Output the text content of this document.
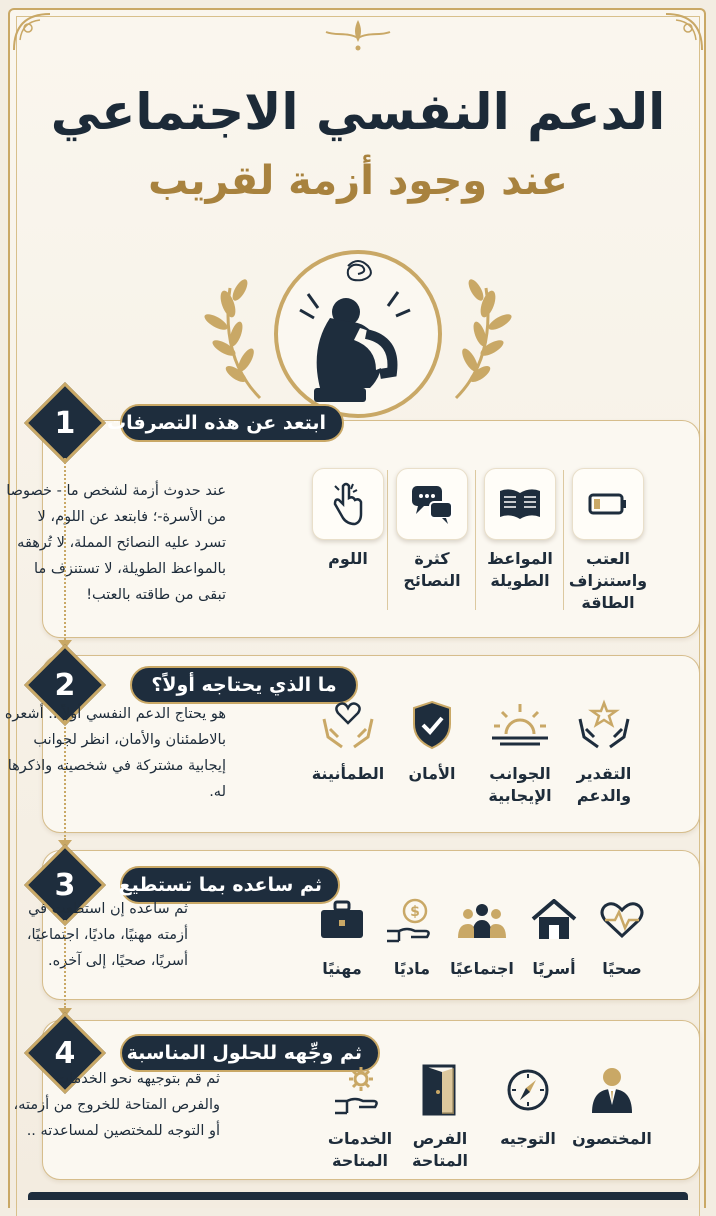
الدعم النفسي الاجتماعي
عند وجود أزمة لقريب
1 ابتعد عن هذه التصرفات
عند حدوث أزمة لشخص ما - خصوصا من الأسرة-؛ فابتعد عن اللوم، لا تسرد عليه النصائح المملة، لا تُرهقه بالمواعظ الطويلة، لا تستنزف ما تبقى من طاقته بالعتب!
العتب
واستنزاف
الطاقة
المواعظ
الطويلة
كثرة
النصائح
اللوم
2	ما الذي يحتاجه أولاً؟
هو يحتاج الدعم النفسي أولاً .. أشعره بالاطمئنان والأمان، انظر لجوانب إيجابية مشتركة في شخصيته واذكرها له.
التقدير
والدعم
الجوانب
الإيجابية
الأمان
الطمأنينة
3 ثم ساعده بما تستطيع
ثم ساعده إن استطعت في أزمته مهنيًا، ماديًا، اجتماعيًا، أسريًا، صحيًا، إلى آخره.	صحيًا
أسريًا
اجتماعيًا
$
ماديًا
مهنيًا
4	ثم وجِّهه للحلول المناسبة
ثم قم بتوجيهه نحو الخدمات والفرص المتاحة للخروج من أزمته، أو التوجه للمختصين لمساعدته ..	المختصون
التوجيه
الفرص
المتاحة
الخدمات
المتاحة
